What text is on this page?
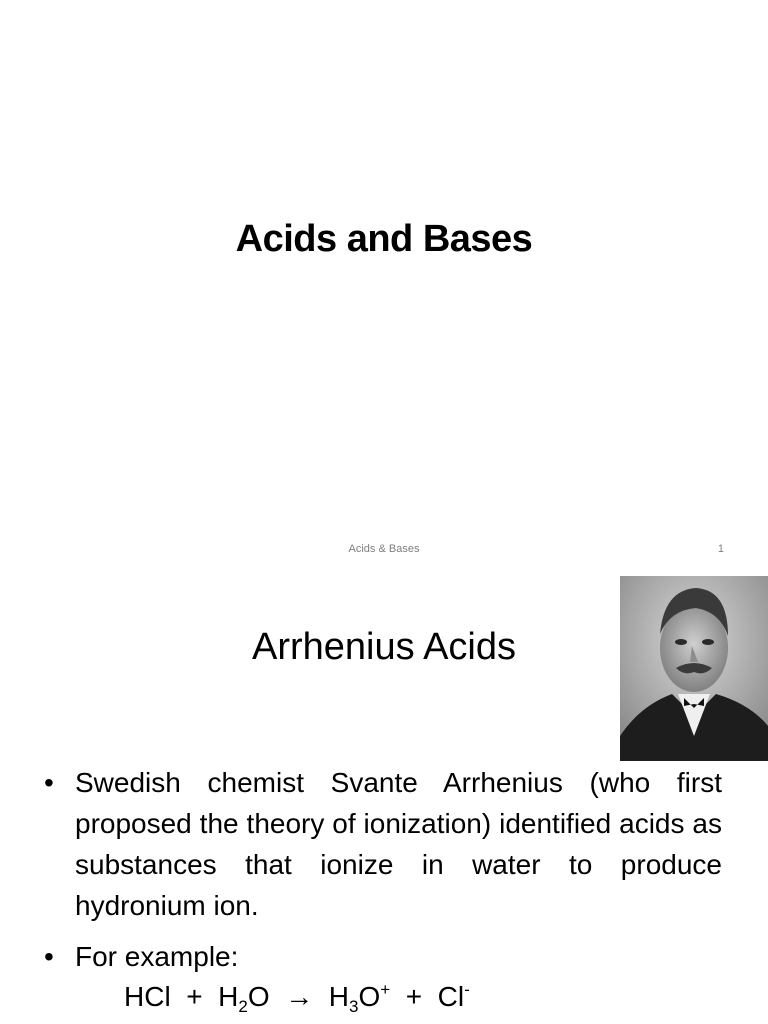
Acids and Bases
Acids & Bases	1
Arrhenius Acids
• Swedish chemist Svante Arrhenius (who first proposed the theory of ionization) identified acids as substances that ionize in water to produce hydronium ion.
• For example:
HCl + $H_2O \to H_3O^+ + Cl^-$
